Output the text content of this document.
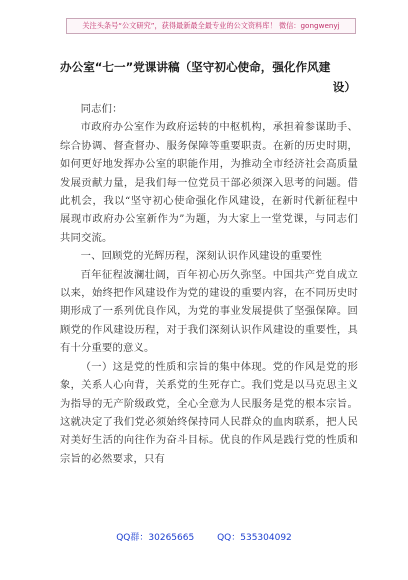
关注头条号“公文研究”，获得最新最全最专业的公文资料库！ 微信：gongwenyj
办公室“七一”党课讲稿（坚守初心使命，强化作风建
设）

同志们：

市政府办公室作为政府运转的中枢机构，承担着参谋助手、综合协调、督查督办、服务保障等重要职责。在新的历史时期，如何更好地发挥办公室的职能作用，为推动全市经济社会高质量发展贡献力量，是我们每一位党员干部必须深入思考的问题。借此机会，我以“坚守初心使命强化作风建设，在新时代新征程中展现市政府办公室新作为”为题，为大家上一堂党课，与同志们共同交流。

一、回顾党的光辉历程，深刻认识作风建设的重要性

百年征程波澜壮阔，百年初心历久弥坚。中国共产党自成立以来，始终把作风建设作为党的建设的重要内容，在不同历史时期形成了一系列优良作风，为党的事业发展提供了坚强保障。回顾党的作风建设历程，对于我们深刻认识作风建设的重要性，具有十分重要的意义。

（一）这是党的性质和宗旨的集中体现。党的作风是党的形象，关系人心向背，关系党的生死存亡。我们党是以马克思主义为指导的无产阶级政党，全心全意为人民服务是党的根本宗旨。这就决定了我们党必须始终保持同人民群众的血肉联系，把人民对美好生活的向往作为奋斗目标。优良的作风是践行党的性质和宗旨的必然要求，只有

QQ群：30265665	QQ：535304092
